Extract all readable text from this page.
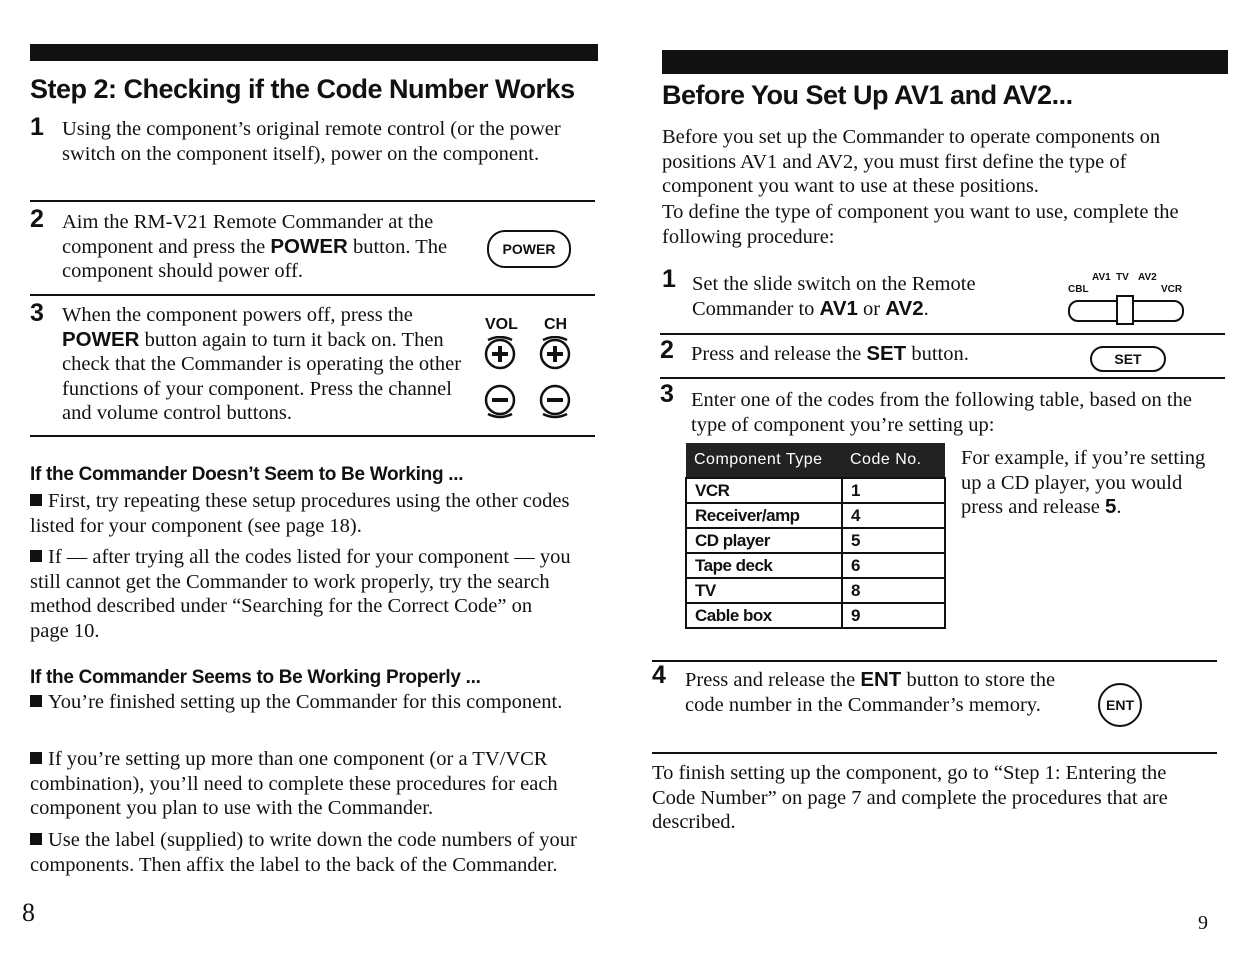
Step 2: Checking if the Code Number Works
1 Using the component’s original remote control (or the power switch on the component itself), power on the component.
2 Aim the RM-V21 Remote Commander at the component and press the POWER button. The component should power off.
POWER
3 When the component powers off, press the POWER button again to turn it back on. Then check that the Commander is operating the other functions of your component. Press the channel and volume control buttons.
VOL CH
If the Commander Doesn’t Seem to Be Working ...
First, try repeating these setup procedures using the other codes listed for your component (see page 18).
If — after trying all the codes listed for your component — you still cannot get the Commander to work properly, try the search method described under “Searching for the Correct Code” on page 10.
If the Commander Seems to Be Working Properly ...
You’re finished setting up the Commander for this component.
If you’re setting up more than one component (or a TV/VCR combination), you’ll need to complete these procedures for each component you plan to use with the Commander.
Use the label (supplied) to write down the code numbers of your components. Then affix the label to the back of the Commander.
8
Before You Set Up AV1 and AV2...
Before you set up the Commander to operate components on positions AV1 and AV2, you must first define the type of component you want to use at these positions.
To define the type of component you want to use, complete the following procedure:
1 Set the slide switch on the Remote Commander to AV1 or AV2.
AV1 TV AV2
CBL	VCR
2 Press and release the SET button.	SET
3 Enter one of the codes from the following table, based on the type of component you’re setting up:
Component Type	Code No.
VCR	1
Receiver/amp	4
CD player	5
Tape deck	6
TV	8
Cable box	9
For example, if you’re setting up a CD player, you would press and release 5.
4 Press and release the ENT button to store the code number in the Commander’s memory.	ENT
To finish setting up the component, go to “Step 1: Entering the Code Number” on page 7 and complete the procedures that are described.
9
